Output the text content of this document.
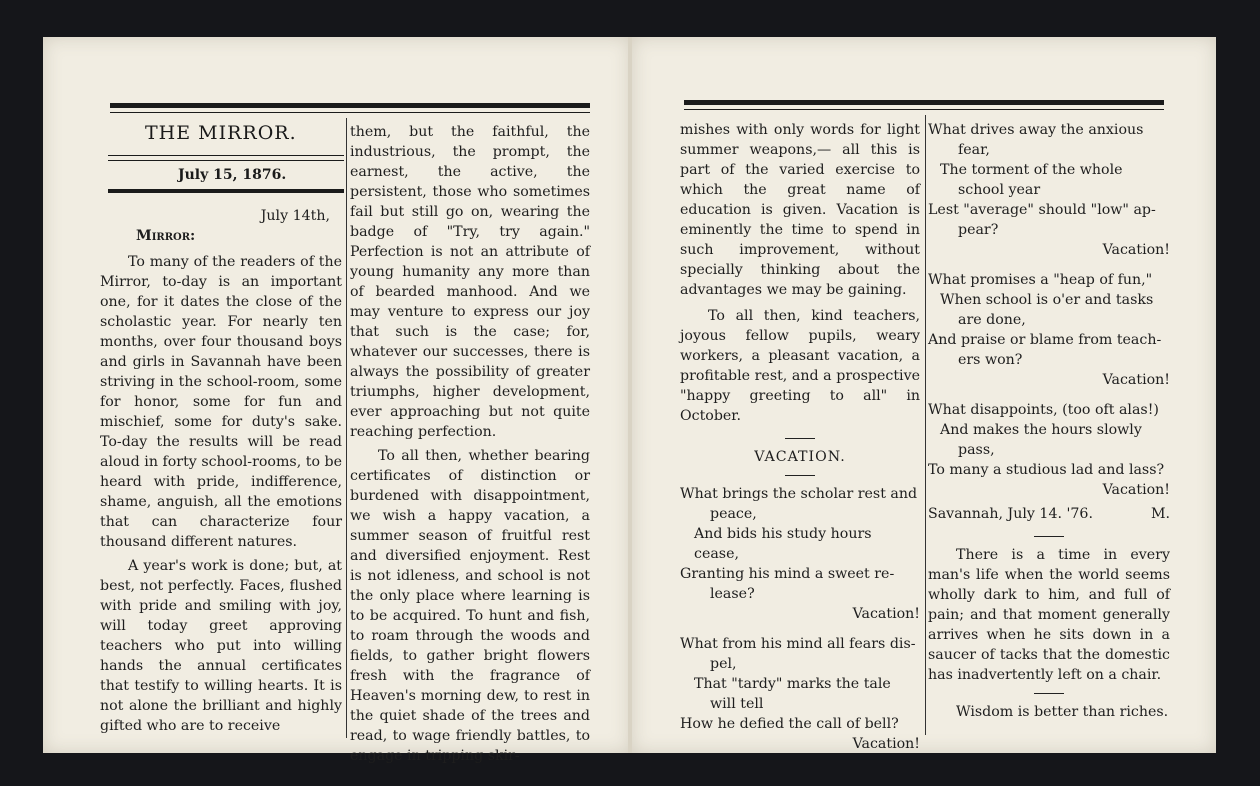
THE MIRROR.
July 15, 1876.

July 14th,

Mirror:

To many of the readers of the Mirror, to-day is an important one, for it dates the close of the scholastic year. For nearly ten months, over four thousand boys and girls in Savannah have been striving in the school-room, some for honor, some for fun and mischief, some for duty's sake. To-day the results will be read aloud in forty school-rooms, to be heard with pride, indifference, shame, anguish, all the emotions that can characterize four thousand different natures.

A year's work is done; but, at best, not perfectly. Faces, flushed with pride and smiling with joy, will today greet approving teachers who put into willing hands the annual certificates that testify to willing hearts. It is not alone the brilliant and highly gifted who are to receive

them, but the faithful, the industrious, the prompt, the earnest, the active, the persistent, those who sometimes fail but still go on, wearing the badge of "Try, try again." Perfection is not an attribute of young humanity any more than of bearded manhood. And we may venture to express our joy that such is the case; for, whatever our successes, there is always the possibility of greater triumphs, higher development, ever approaching but not quite reaching perfection.

To all then, whether bearing certificates of distinction or burdened with disappointment, we wish a happy vacation, a summer season of fruitful rest and diversified enjoyment. Rest is not idleness, and school is not the only place where learning is to be acquired. To hunt and fish, to roam through the woods and fields, to gather bright flowers fresh with the fragrance of Heaven's morning dew, to rest in the quiet shade of the trees and read, to wage friendly battles, to engage in tripping skir-

mishes with only words for light summer weapons,— all this is part of the varied exercise to which the great name of education is given. Vacation is eminently the time to spend in such improvement, without specially thinking about the advantages we may be gaining.

To all then, kind teachers, joyous fellow pupils, weary workers, a pleasant vacation, a profitable rest, and a prospective "happy greeting to all" in October.

VACATION.

What brings the scholar rest and

peace,

And bids his study hours cease,

Granting his mind a sweet re-

lease?

Vacation!

What from his mind all fears dis-

pel,

That "tardy" marks the tale

will tell

How he defied the call of bell?

Vacation!

What drives away the anxious

fear,

The torment of the whole

school year

Lest "average" should "low" ap-

pear?

Vacation!

What promises a "heap of fun,"

When school is o'er and tasks

are done,

And praise or blame from teach-

ers won?

Vacation!

What disappoints, (too oft alas!)

And makes the hours slowly

pass,

To many a studious lad and lass?

Vacation!

Savannah, July 14. '76.	M.

There is a time in every man's life when the world seems wholly dark to him, and full of pain; and that moment generally arrives when he sits down in a saucer of tacks that the domestic has inadvertently left on a chair.

Wisdom is better than riches.
